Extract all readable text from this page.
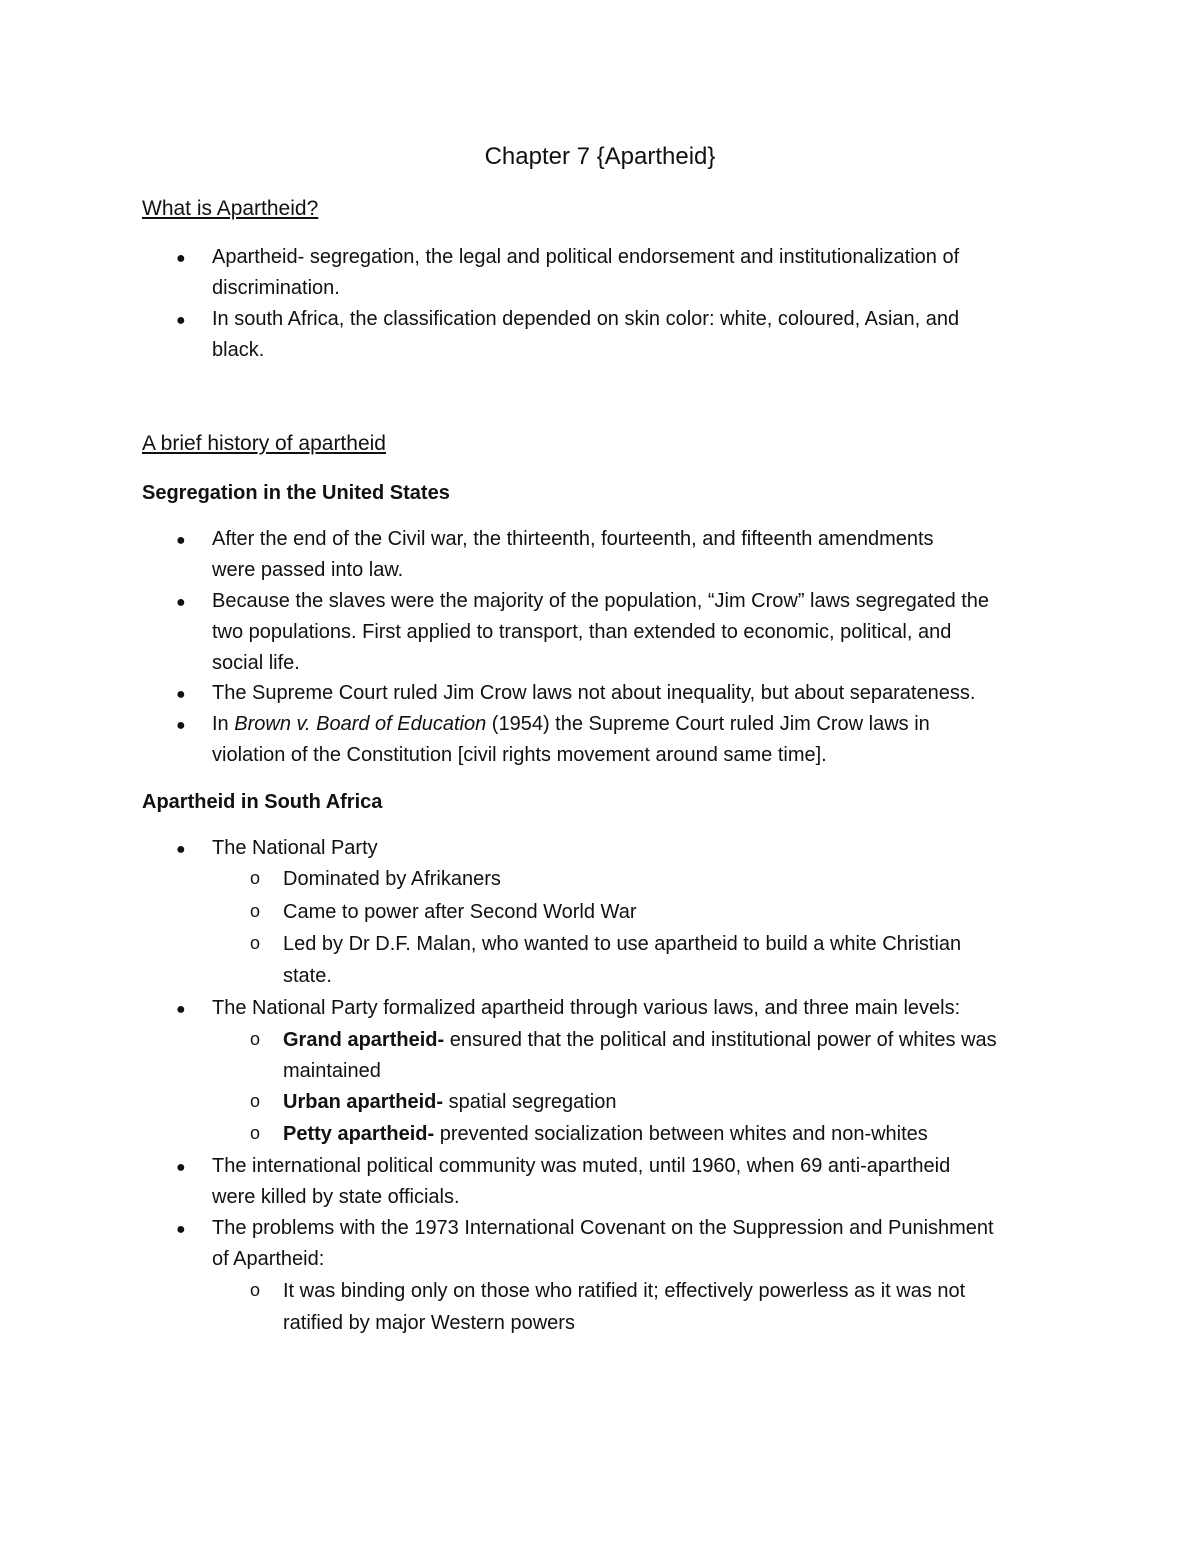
Chapter 7 {Apartheid}
What is Apartheid?
● Apartheid- segregation, the legal and political endorsement and institutionalization of
discrimination.
● In south Africa, the classification depended on skin color: white, coloured, Asian, and
black.
A brief history of apartheid
Segregation in the United States
● After the end of the Civil war, the thirteenth, fourteenth, and fifteenth amendments
were passed into law.
● Because the slaves were the majority of the population, “Jim Crow” laws segregated the
two populations. First applied to transport, than extended to economic, political, and
social life.
● The Supreme Court ruled Jim Crow laws not about inequality, but about separateness.
● In Brown v. Board of Education (1954) the Supreme Court ruled Jim Crow laws in
violation of the Constitution [civil rights movement around same time].
Apartheid in South Africa
● The National Party
o Dominated by Afrikaners
o Came to power after Second World War
o Led by Dr D.F. Malan, who wanted to use apartheid to build a white Christian
state.
● The National Party formalized apartheid through various laws, and three main levels:
o Grand apartheid- ensured that the political and institutional power of whites was
maintained
o Urban apartheid- spatial segregation
o Petty apartheid- prevented socialization between whites and non-whites
● The international political community was muted, until 1960, when 69 anti-apartheid
were killed by state officials.
● The problems with the 1973 International Covenant on the Suppression and Punishment
of Apartheid:
o It was binding only on those who ratified it; effectively powerless as it was not
ratified by major Western powers
